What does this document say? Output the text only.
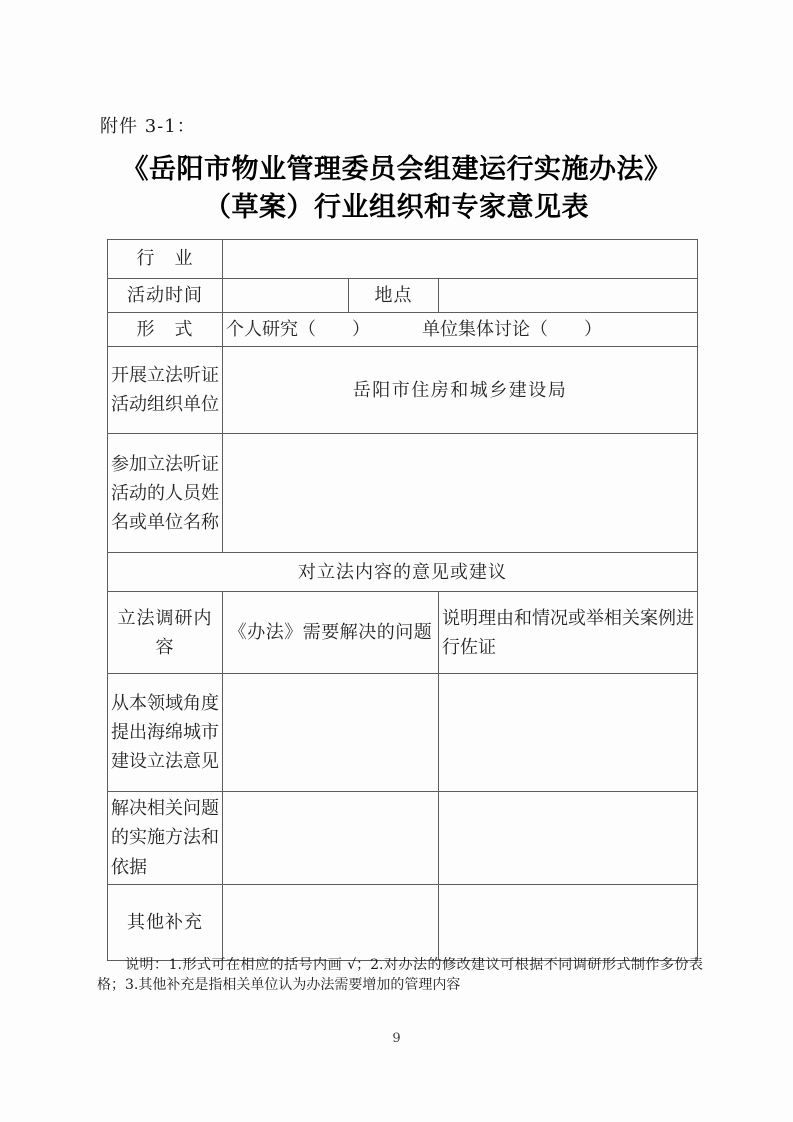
附件 3-1：
《岳阳市物业管理委员会组建运行实施办法》
（草案）行业组织和专家意见表
行　业			
活动时间		地点	
形　式	个人研究（　　） 单位集体讨论（　　）		
开展立法听证活动组织单位	岳阳市住房和城乡建设局		
参加立法听证活动的人员姓名或单位名称			
对立法内容的意见或建议			
立法调研内容	《办法》需要解决的问题		说明理由和情况或举相关案例进行佐证
从本领域角度提出海绵城市建设立法意见			
解决相关问题的实施方法和依据			
其他补充			
说明：1.形式可在相应的括号内画 √；2.对办法的修改建议可根据不同调研形式制作多份表格；3.其他补充是指相关单位认为办法需要增加的管理内容
9
